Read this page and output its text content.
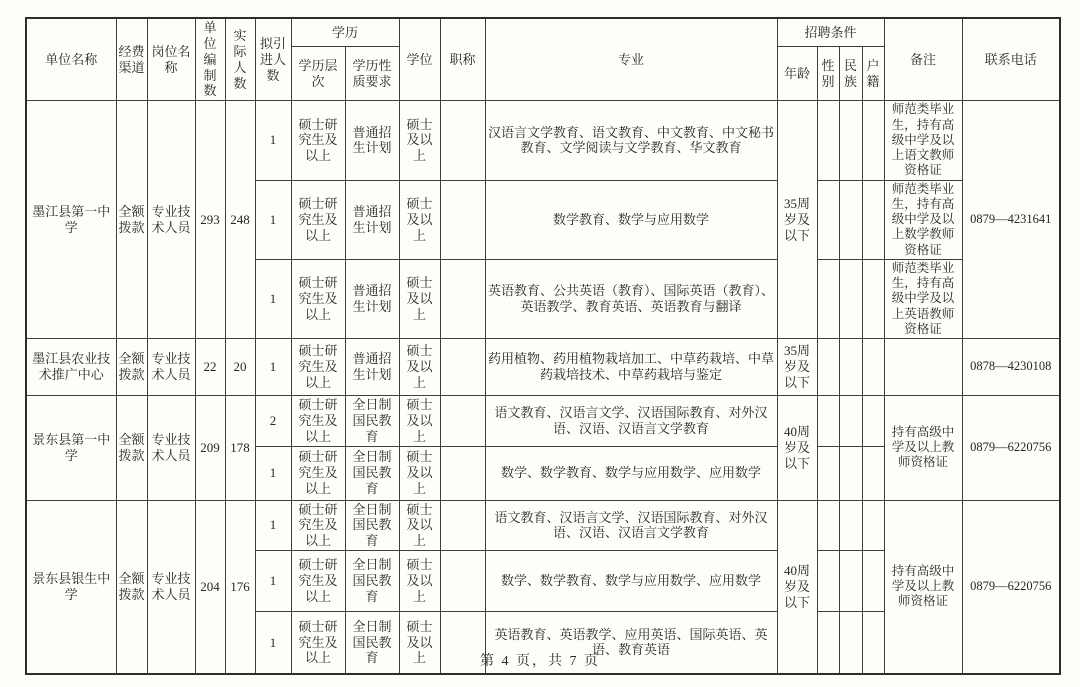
单位名称	经费渠道	岗位名称	单位编制数	实际人数	拟引进人数	学历		学位	职称	专业	招聘条件				备注	联系电话
						学历层次	学历性质要求				年龄	性别	民族	户籍		
墨江县第一中学	全额拨款	专业技术人员	293	248	1	硕士研究生及以上	普通招生计划	硕士及以上		汉语言文学教育、语文教育、中文教育、中文秘书教育、文学阅读与文学教育、华文教育	35周岁及以下				师范类毕业生，持有高级中学及以上语文教师资格证	0879—4231641
					1	硕士研究生及以上	普通招生计划	硕士及以上		数学教育、数学与应用数学					师范类毕业生，持有高级中学及以上数学教师资格证	
					1	硕士研究生及以上	普通招生计划	硕士及以上		英语教育、公共英语（教育）、国际英语（教育）、英语教学、教育英语、英语教育与翻译					师范类毕业生，持有高级中学及以上英语教师资格证	
墨江县农业技术推广中心	全额拨款	专业技术人员	22	20	1	硕士研究生及以上	普通招生计划	硕士及以上		药用植物、药用植物栽培加工、中草药栽培、中草药栽培技术、中草药栽培与鉴定	35周岁及以下					0878—4230108
景东县第一中学	全额拨款	专业技术人员	209	178	2	硕士研究生及以上	全日制国民教育	硕士及以上		语文教育、汉语言文学、汉语国际教育、对外汉语、汉语、汉语言文学教育	40周岁及以下				持有高级中学及以上教师资格证	0879—6220756
					1	硕士研究生及以上	全日制国民教育	硕士及以上		数学、数学教育、数学与应用数学、应用数学						
景东县银生中学	全额拨款	专业技术人员	204	176	1	硕士研究生及以上	全日制国民教育	硕士及以上		语文教育、汉语言文学、汉语国际教育、对外汉语、汉语、汉语言文学教育	40周岁及以下				持有高级中学及以上教师资格证	0879—6220756
					1	硕士研究生及以上	全日制国民教育	硕士及以上		数学、数学教育、数学与应用数学、应用数学						
					1	硕士研究生及以上	全日制国民教育	硕士及以上		英语教育、英语教学、应用英语、国际英语、英语、教育英语						
第 4 页，共 7 页
